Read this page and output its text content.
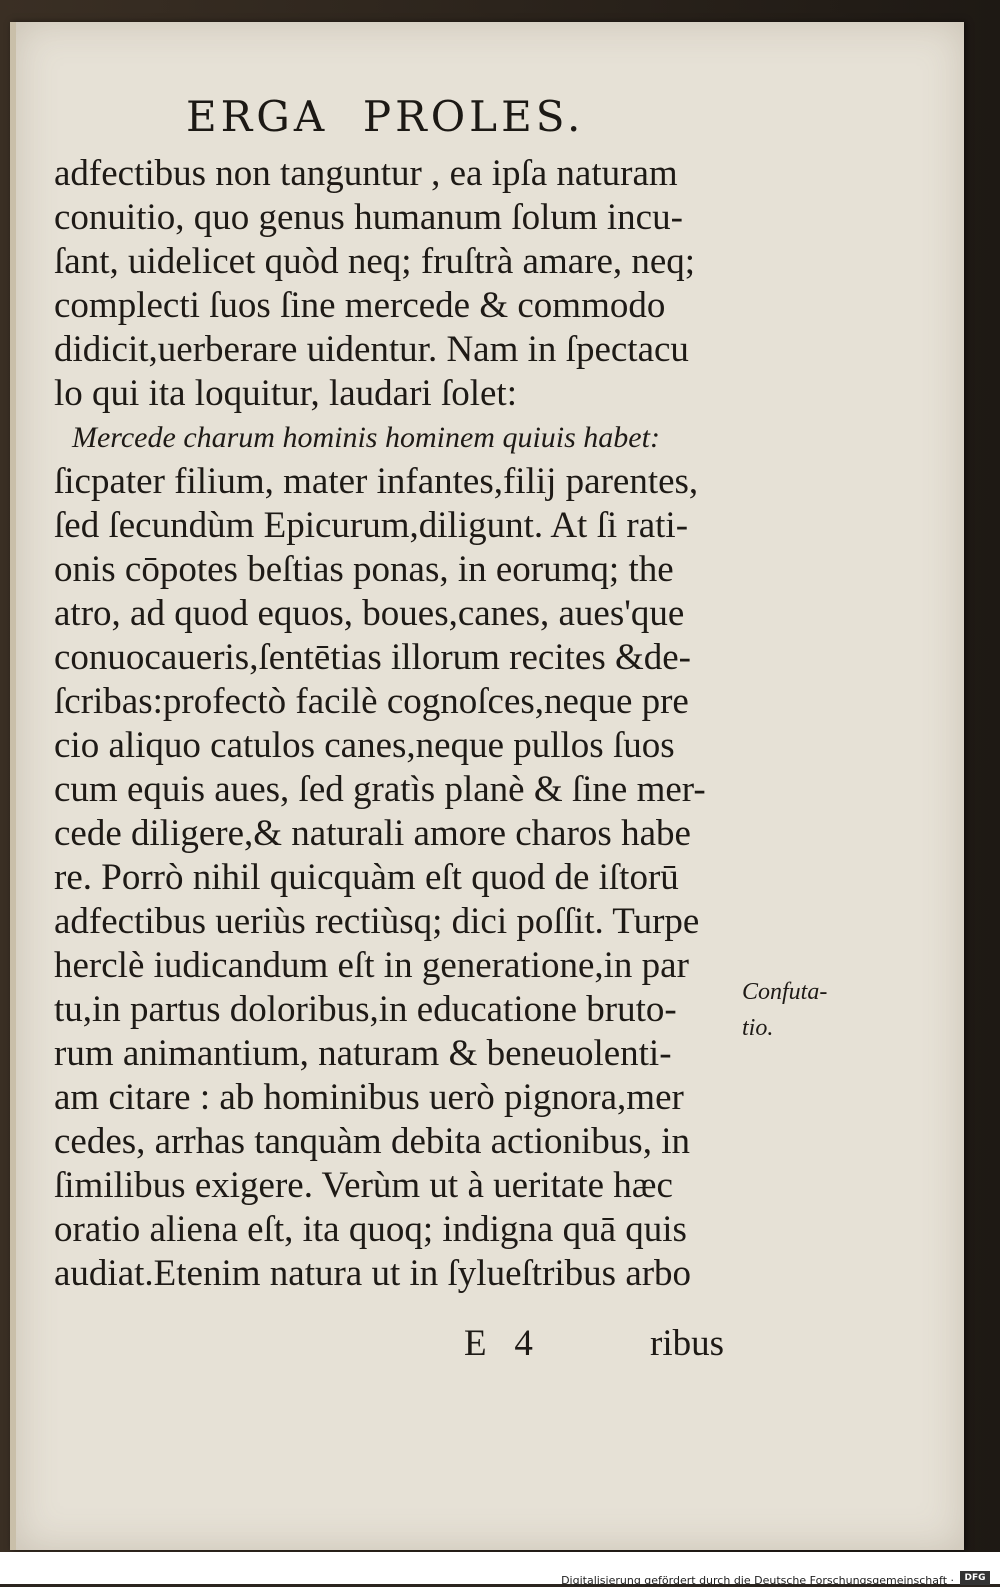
ERGA  PROLES.
adfectibus non tanguntur , ea ipſa naturam
conuitio, quo genus humanum ſolum incu-
ſant, uidelicet quòd neq; fruſtrà amare, neq;
complecti ſuos ſine mercede & commodo
didicit,uerberare uidentur. Nam in ſpectacu
lo qui ita loquitur, laudari ſolet:
Mercede charum hominis hominem quiuis habet:
ſicpater filium, mater infantes,filij parentes,
ſed ſecundùm Epicurum,diligunt. At ſi rati-
onis cōpotes beſtias ponas, in eorumq; the
atro, ad quod equos, boues,canes, aues'que
conuocaueris,ſentētias illorum recites &de-
ſcribas:profectò facilè cognoſces,neque pre
cio aliquo catulos canes,neque pullos ſuos
cum equis aues, ſed gratìs planè & ſine mer-
cede diligere,& naturali amore charos habe
re. Porrò nihil quicquàm eſt quod de iſtorū
adfectibus ueriùs rectiùsq; dici poſſit. Turpe
herclè iudicandum eſt in generatione,in par
tu,in partus doloribus,in educatione bruto-
rum animantium, naturam & beneuolenti-
am citare : ab hominibus uerò pignora,mer
cedes, arrhas tanquàm debita actionibus, in
ſimilibus exigere. Verùm ut à ueritate hæc
oratio aliena eſt, ita quoq; indigna quā quis
audiat.Etenim natura ut in ſylueſtribus arbo
Confuta-
tio.
E   4	ribus
Digitalisierung gefördert durch die Deutsche Forschungsgemeinschaft ·	DFG
